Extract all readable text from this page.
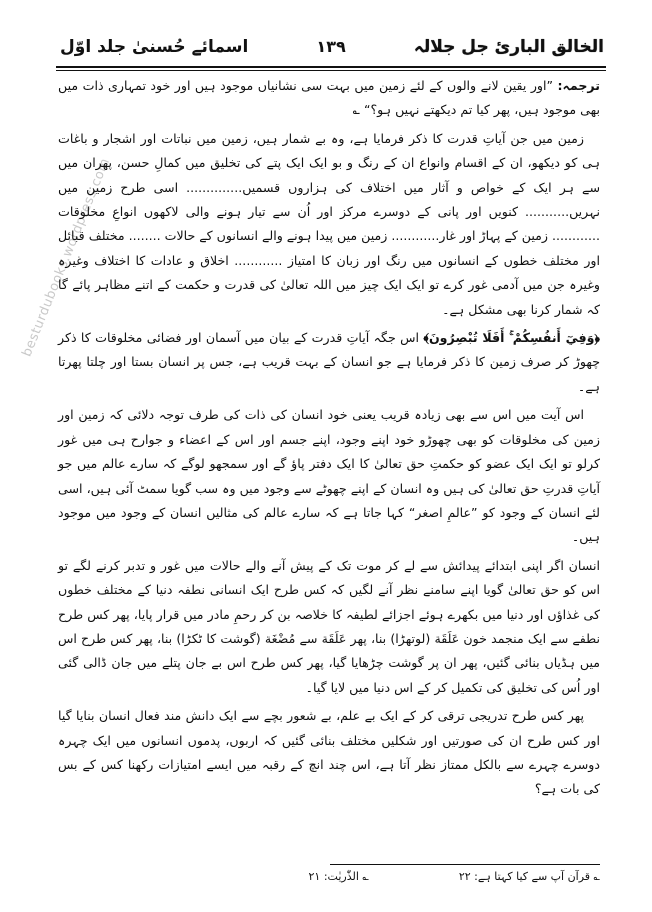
besturdubooks.wordpress.com
اسمائے حُسنیٰ جلد اوّل	۱۳۹	الخالق البارئ جل جلالہ

ترجمہ: ”اور یقین لانے والوں کے لئے زمین میں بہت سی نشانیاں موجود ہیں اور خود تمہاری ذات میں بھی موجود ہیں، پھر کیا تم دیکھتے نہیں ہو؟“ ؎

زمین میں جن آیاتِ قدرت کا ذکر فرمایا ہے، وہ بے شمار ہیں، زمین میں نباتات اور اشجار و باغات ہی کو دیکھو، ان کے اقسام وانواع ان کے رنگ و بو ایک ایک پتے کی تخلیق میں کمالِ حسن، پھران میں سے ہر ایک کے خواص و آثار میں اختلاف کی ہزاروں قسمیں.............. اسی طرح زمین میں نہریں........... کنویں اور پانی کے دوسرے مرکز اور اُن سے تیار ہونے والی لاکھوں انواعِ مخلوقات ............ زمین کے پہاڑ اور غار............ زمین میں پیدا ہونے والے انسانوں کے حالات ........ مختلف قبائل اور مختلف خطوں کے انسانوں میں رنگ اور زبان کا امتیاز ............ اخلاق و عادات کا اختلاف وغیرہ وغیرہ جن میں آدمی غور کرے تو ایک ایک چیز میں اللہ تعالیٰ کی قدرت و حکمت کے اتنے مظاہر پائے گا کہ شمار کرنا بھی مشکل ہے۔

﴿وَفِيٓ أَنفُسِكُمْ ۚ أَفَلَا تُبْصِرُونَ﴾ اس جگہ آیاتِ قدرت کے بیان میں آسمان اور فضائی مخلوقات کا ذکر چھوڑ کر صرف زمین کا ذکر فرمایا ہے جو انسان کے بہت قریب ہے، جس پر انسان بستا اور چلتا پھرتا ہے۔

اس آیت میں اس سے بھی زیادہ قریب یعنی خود انسان کی ذات کی طرف توجہ دلائی کہ زمین اور زمین کی مخلوقات کو بھی چھوڑو خود اپنے وجود، اپنے جسم اور اس کے اعضاء و جوارح ہی میں غور کرلو تو ایک ایک عضو کو حکمتِ حق تعالیٰ کا ایک دفتر پاؤ گے اور سمجھو لوگے کہ سارے عالم میں جو آیاتِ قدرتِ حق تعالیٰ کی ہیں وہ انسان کے اپنے چھوٹے سے وجود میں وہ سب گویا سمٹ آئی ہیں، اسی لئے انسان کے وجود کو ”عالمِ اصغر“ کہا جاتا ہے کہ سارے عالم کی مثالیں انسان کے وجود میں موجود ہیں۔

انسان اگر اپنی ابتدائے پیدائش سے لے کر موت تک کے پیش آنے والے حالات میں غور و تدبر کرنے لگے تو اس کو حق تعالیٰ گویا اپنے سامنے نظر آنے لگیں کہ کس طرح ایک انسانی نطفہ دنیا کے مختلف خطوں کی غذاؤں اور دنیا میں بکھرے ہوئے اجزائے لطیفہ کا خلاصہ بن کر رحمِ مادر میں قرار پایا، پھر کس طرح نطفے سے ایک منجمد خون عَلَقَة (لوتھڑا) بنا، پھر عَلَقَة سے مُضْغَة (گوشت کا ٹکڑا) بنا، پھر کس طرح اس میں ہڈیاں بنائی گئیں، پھر ان پر گوشت چڑھایا گیا، پھر کس طرح اس بے جان پتلے میں جان ڈالی گئی اور اُس کی تخلیق کی تکمیل کر کے اس دنیا میں لایا گیا۔

پھر کس طرح تدریجی ترقی کر کے ایک بے علم، بے شعور بچے سے ایک دانش مند فعال انسان بنایا گیا اور کس طرح ان کی صورتیں اور شکلیں مختلف بنائی گئیں کہ اربوں، پدموں انسانوں میں ایک چہرہ دوسرے چہرے سے بالکل ممتاز نظر آتا ہے، اس چند انچ کے رقبہ میں ایسے امتیازات رکھنا کس کے بس کی بات ہے؟

؎ قرآن آپ سے کیا کہتا ہے: ۲۲
؎ الذّٰریٰت: ۲۱
